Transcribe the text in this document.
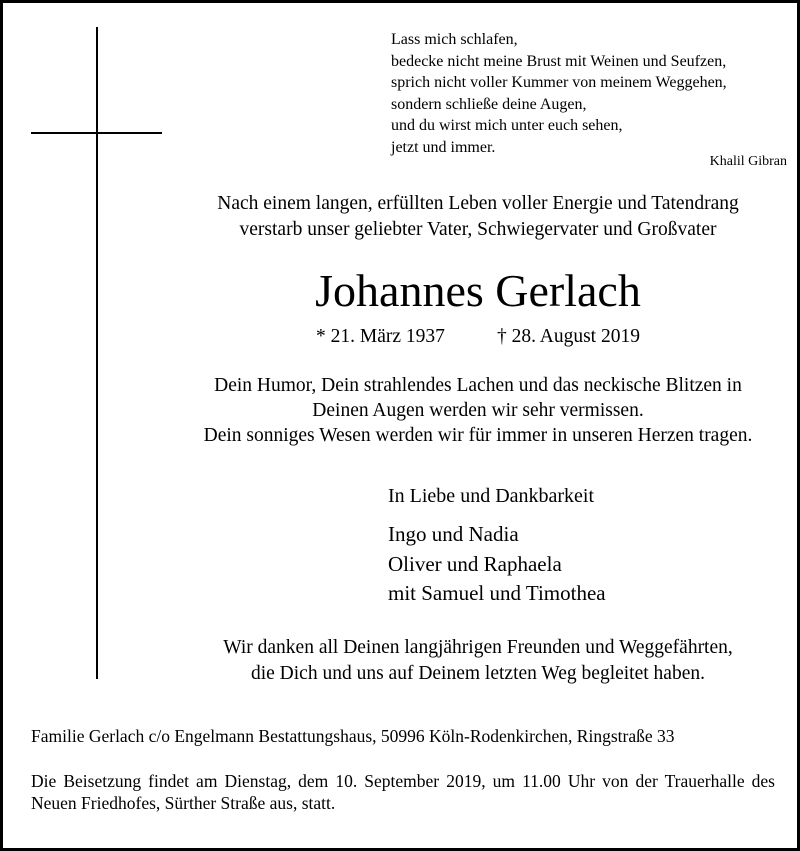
Lass mich schlafen,
bedecke nicht meine Brust mit Weinen und Seufzen,
sprich nicht voller Kummer von meinem Weggehen,
sondern schließe deine Augen,
und du wirst mich unter euch sehen,
jetzt und immer.
Khalil Gibran
Nach einem langen, erfüllten Leben voller Energie und Tatendrang
verstarb unser geliebter Vater, Schwiegervater und Großvater
Johannes Gerlach
* 21. März 1937	† 28. August 2019
Dein Humor, Dein strahlendes Lachen und das neckische Blitzen in
Deinen Augen werden wir sehr vermissen.
Dein sonniges Wesen werden wir für immer in unseren Herzen tragen.
In Liebe und Dankbarkeit
Ingo und Nadia
Oliver und Raphaela
mit Samuel und Timothea
Wir danken all Deinen langjährigen Freunden und Weggefährten,
die Dich und uns auf Deinem letzten Weg begleitet haben.
Familie Gerlach c/o Engelmann Bestattungshaus, 50996 Köln-Rodenkirchen, Ringstraße 33
Die Beisetzung findet am Dienstag, dem 10. September 2019, um 11.00 Uhr von der Trauerhalle des
Neuen Friedhofes, Sürther Straße aus, statt.
